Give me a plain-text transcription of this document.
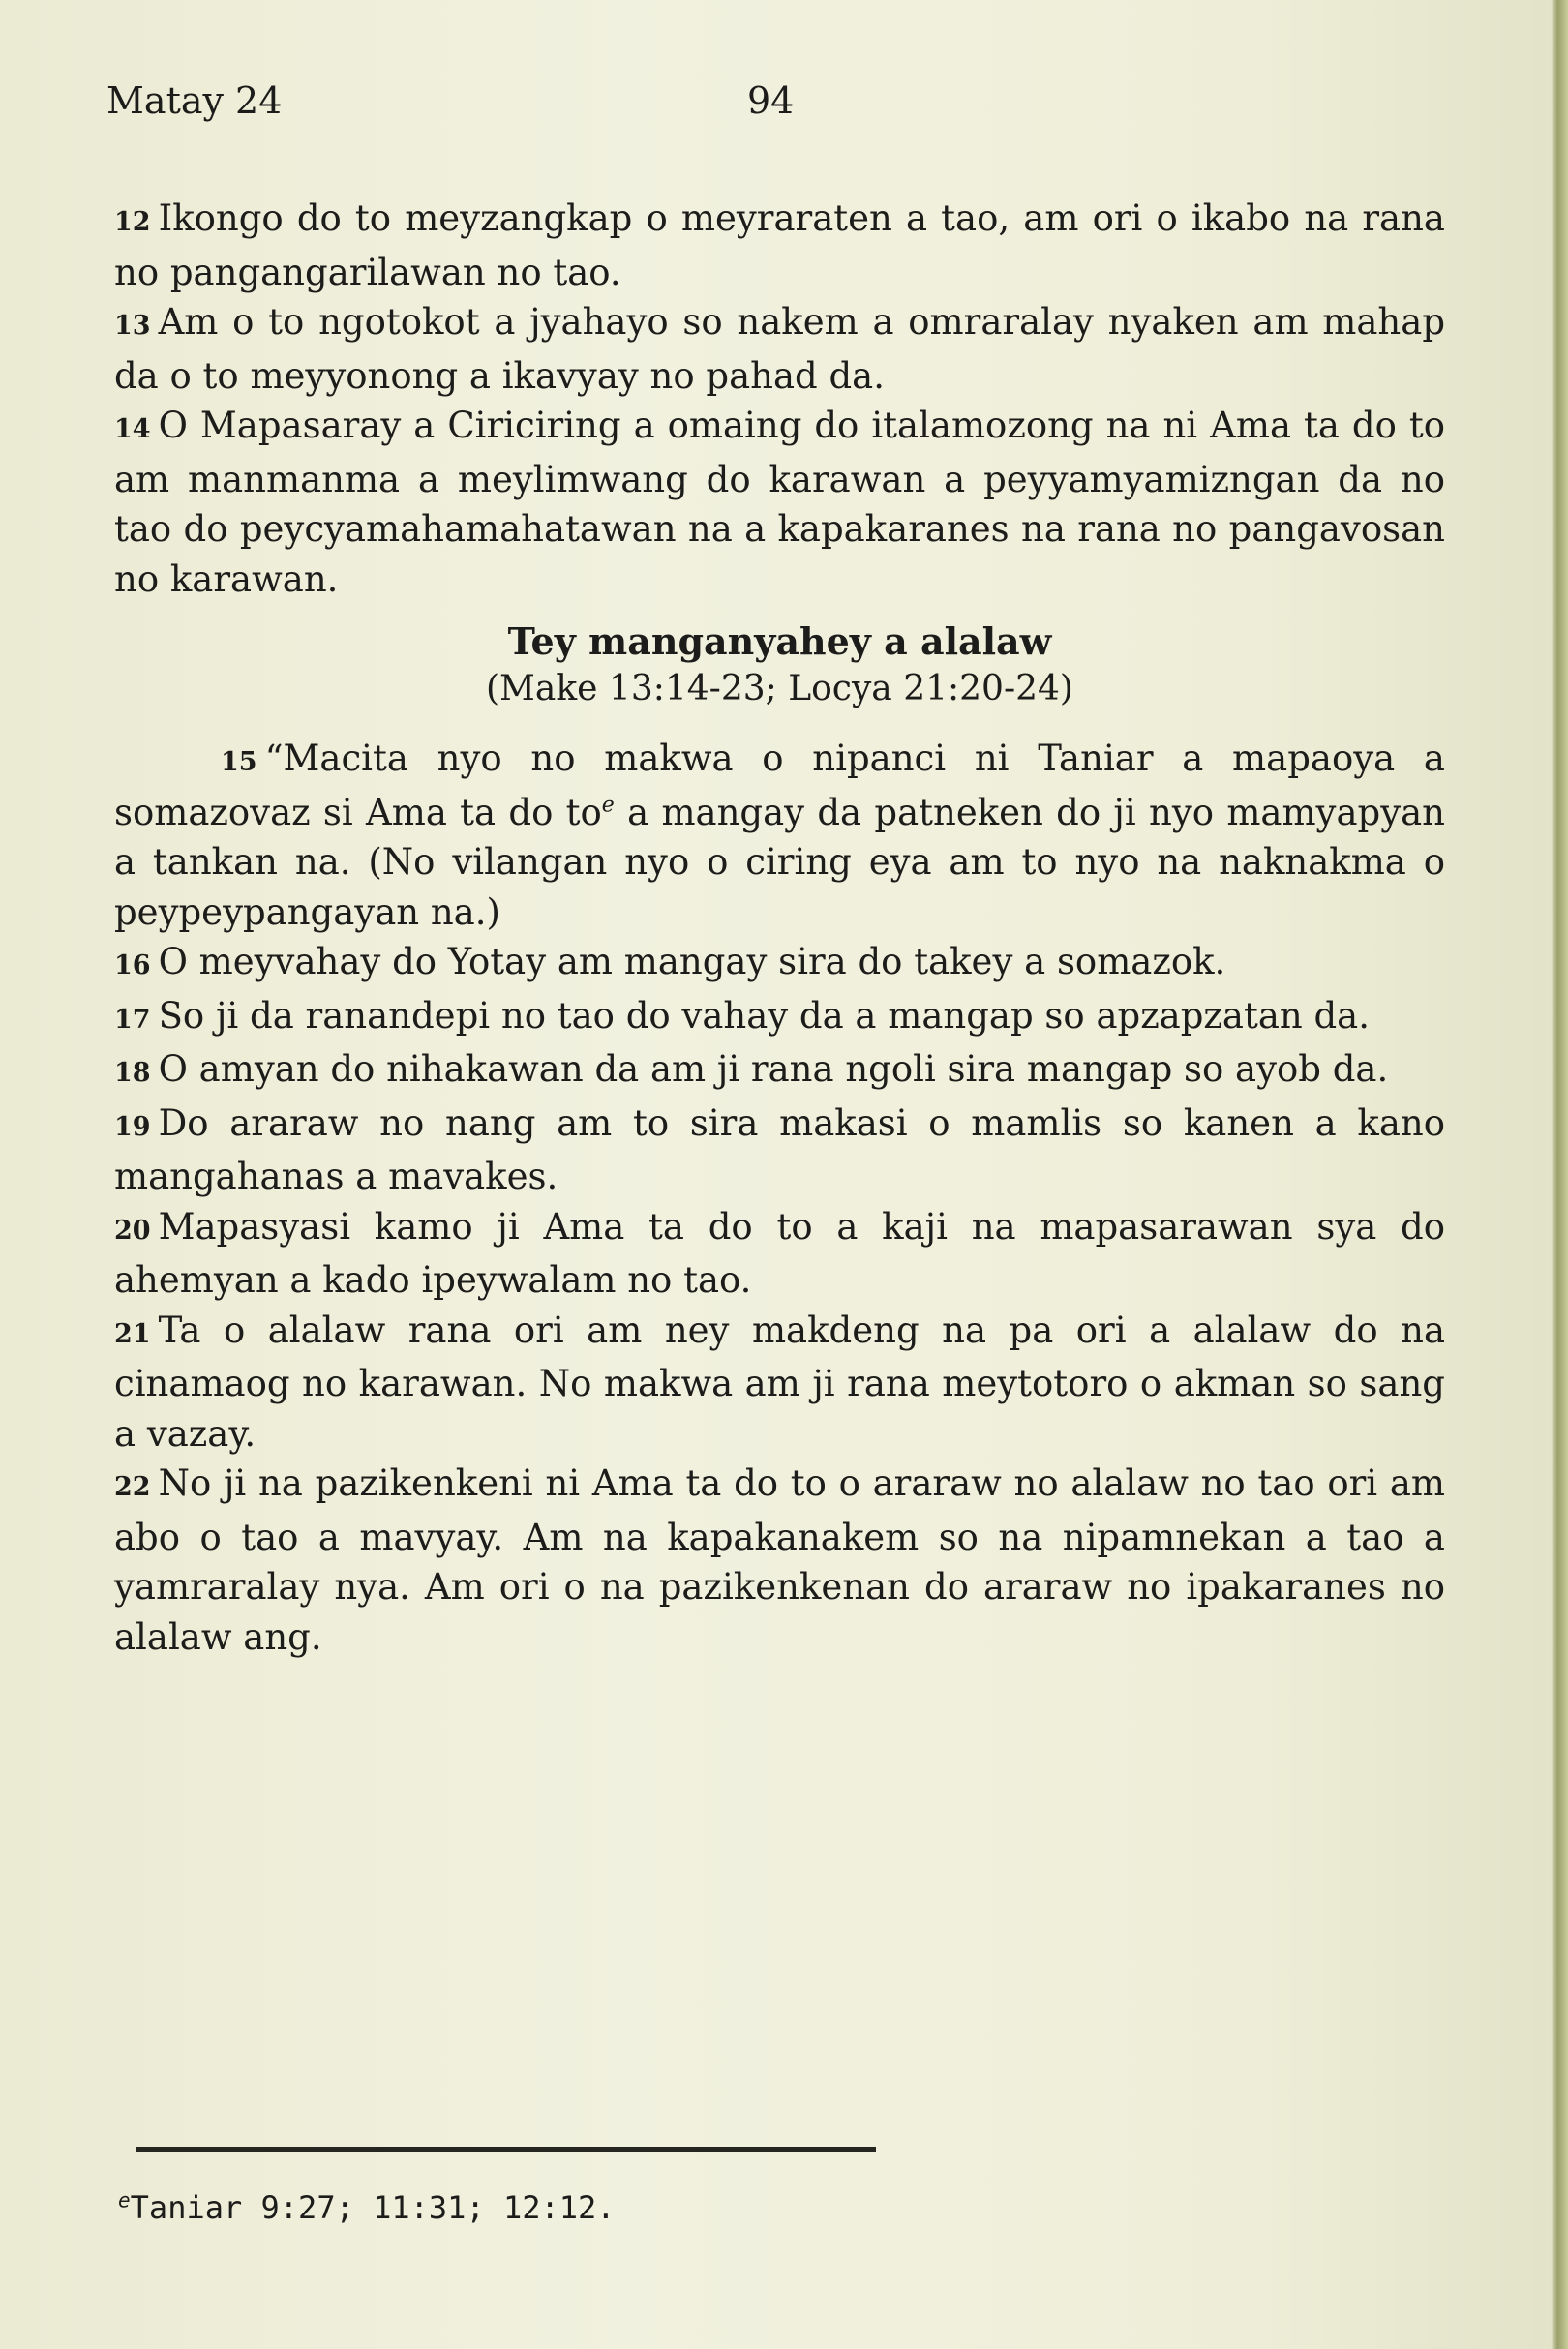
Matay 24	94

12 Ikongo do to meyzangkap o meyraraten a tao, am ori o ikabo na rana no pangangarilawan no tao.

13 Am o to ngotokot a jyahayo so nakem a omraralay nyaken am mahap da o to meyyonong a ikavyay no pahad da.

14 O Mapasaray a Ciriciring a omaing do italamozong na ni Ama ta do to am manmanma a meylimwang do karawan a peyyamyamizngan da no tao do peycyamahamahatawan na a kapakaranes na rana no pangavosan no karawan.

Tey manganyahey a alalaw
(Make 13:14-23; Locya 21:20-24)

15 “Macita nyo no makwa o nipanci ni Taniar a mapaoya a somazovaz si Ama ta do to$^e$ a mangay da patneken do ji nyo mamyapyan a tankan na. (No vilangan nyo o ciring eya am to nyo na naknakma o peypeypangayan na.)

16 O meyvahay do Yotay am mangay sira do takey a somazok.

17 So ji da ranandepi no tao do vahay da a mangap so apzapzatan da.

18 O amyan do nihakawan da am ji rana ngoli sira mangap so ayob da.

19 Do araraw no nang am to sira makasi o mamlis so kanen a kano mangahanas a mavakes.

20 Mapasyasi kamo ji Ama ta do to a kaji na mapasarawan sya do ahemyan a kado ipeywalam no tao.

21 Ta o alalaw rana ori am ney makdeng na pa ori a alalaw do na cinamaog no karawan. No makwa am ji rana meytotoro o akman so sang a vazay.

22 No ji na pazikenkeni ni Ama ta do to o araraw no alalaw no tao ori am abo o tao a mavyay. Am na kapakanakem so na nipamnekan a tao a yamraralay nya. Am ori o na pazikenkenan do araraw no ipakaranes no alalaw ang.

$^e$Taniar 9:27; 11:31; 12:12.
